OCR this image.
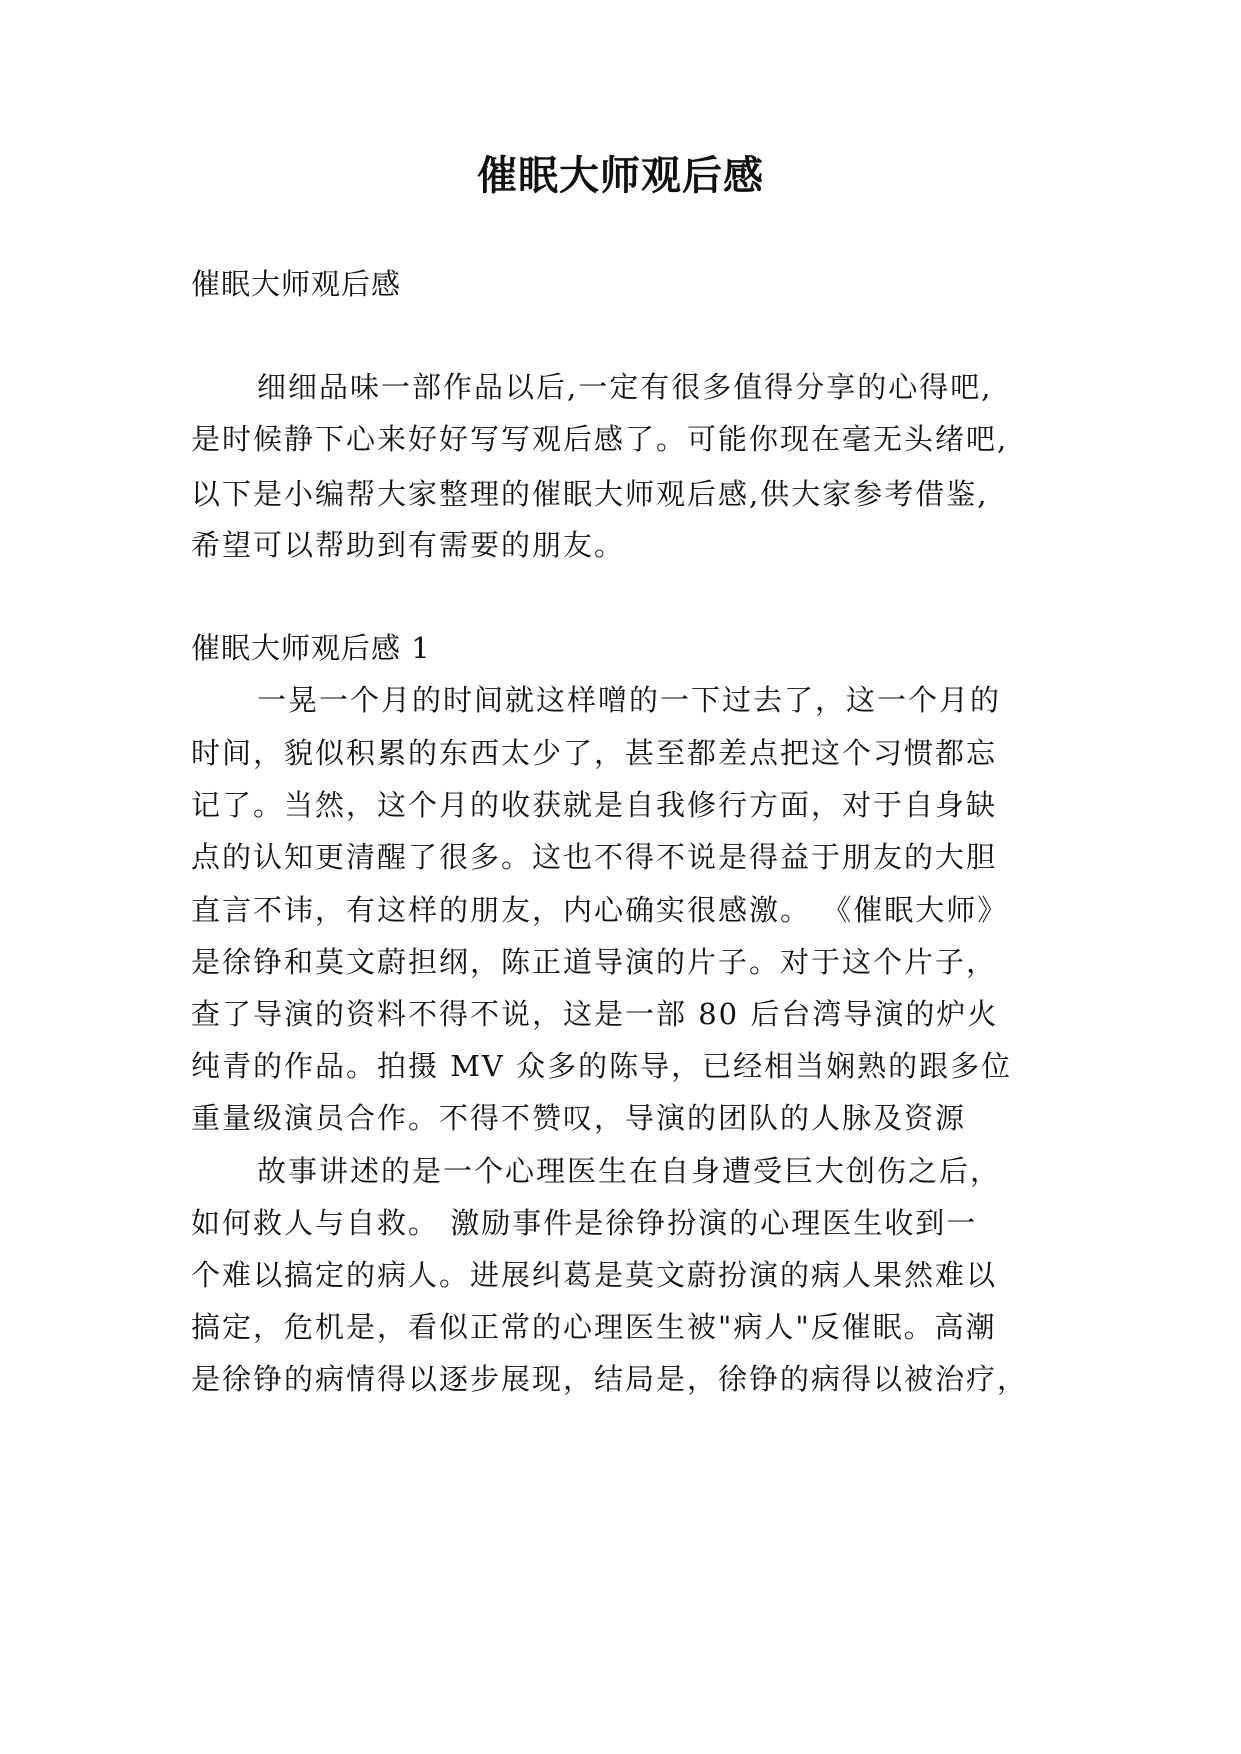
催眠大师观后感
催眠大师观后感
细细品味一部作品以后,一定有很多值得分享的心得吧,
是时候静下心来好好写写观后感了。可能你现在毫无头绪吧,
以下是小编帮大家整理的催眠大师观后感,供大家参考借鉴,
希望可以帮助到有需要的朋友。
催眠大师观后感 1
一晃一个月的时间就这样噌的一下过去了，这一个月的
时间，貌似积累的东西太少了，甚至都差点把这个习惯都忘
记了。当然，这个月的收获就是自我修行方面，对于自身缺
点的认知更清醒了很多。这也不得不说是得益于朋友的大胆
直言不讳，有这样的朋友，内心确实很感激。 《催眠大师》
是徐铮和莫文蔚担纲，陈正道导演的片子。对于这个片子，
查了导演的资料不得不说，这是一部 80 后台湾导演的炉火
纯青的作品。拍摄 MV 众多的陈导，已经相当娴熟的跟多位
重量级演员合作。不得不赞叹，导演的团队的人脉及资源
故事讲述的是一个心理医生在自身遭受巨大创伤之后，
如何救人与自救。 激励事件是徐铮扮演的心理医生收到一
个难以搞定的病人。进展纠葛是莫文蔚扮演的病人果然难以
搞定，危机是，看似正常的心理医生被"病人"反催眠。高潮
是徐铮的病情得以逐步展现，结局是，徐铮的病得以被治疗，
